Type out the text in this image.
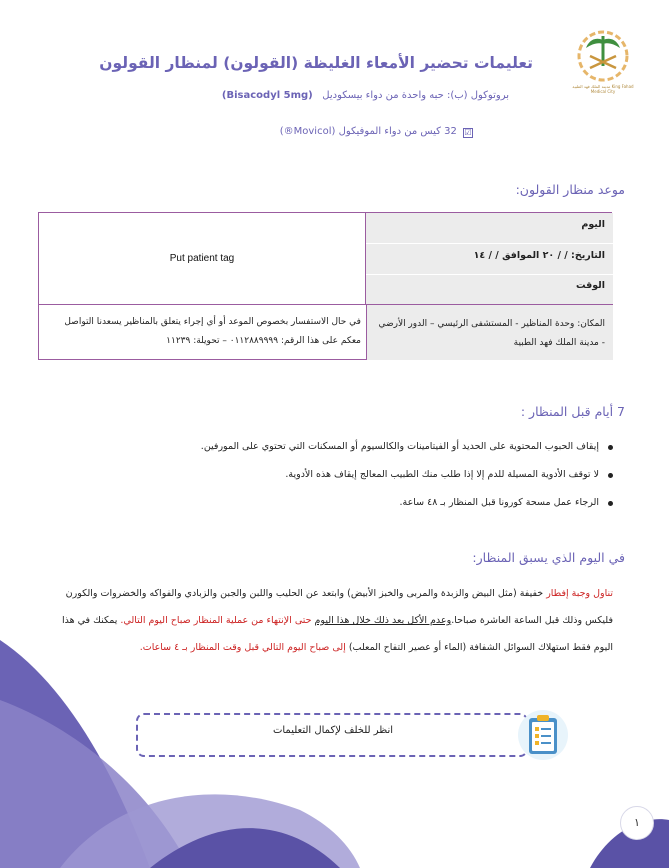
مدينة الملك فهد الطبية King Fahad Medical City
تعليمات تحضير الأمعاء الغليظة (القولون) لمنظار القولون
بروتوكول (ب): حبه واحدة من دواء بيسكوديل   (Bisacodyl 5mg)
☑ 32 كيس من دواء الموفيكول (Movicol®)
موعد منظار القولون:
Put patient tag
اليوم
التاريخ: / / ٢٠ الموافق / / ١٤
الوقت
المكان: وحدة المناظير - المستشفى الرئيسي – الدور الأرضي - مدينة الملك فهد الطبية
في حال الاستفسار بخصوص الموعد أو أي إجراء يتعلق بالمناظير يسعدنا التواصل معكم على هذا الرقم: ٠١١٢٨٨٩٩٩٩ – تحويلة: ١١٢٣٩
7 أيام قبل المنظار :
إيقاف الحبوب المحتوية على الحديد أو الفيتامينات والكالسيوم أو المسكنات التي تحتوي على المورفين.
لا توقف الأدوية المسيلة للدم إلا إذا طلب منك الطبيب المعالج إيقاف هذه الأدوية.
الرجاء عمل مسحة كورونا قبل المنظار بـ ٤٨ ساعة.
في اليوم الذي يسبق المنظار:
تناول وجبة إفطار خفيفة (مثل البيض والزبدة والمربى والخبز الأبيض) وابتعد عن الحليب واللبن والجبن والزبادي والفواكه والخضروات والكورن فليكس وذلك قبل الساعة العاشرة صباحا.وعدم الأكل بعد ذلك خلال هذا اليوم حتى الإنتهاء من عملية المنظار صباح اليوم التالي. يمكنك في هذا اليوم فقط استهلاك السوائل الشفافة (الماء أو عصير التفاح المعلب) إلى صباح اليوم التالي قبل وقت المنظار بـ ٤ ساعات.
انظر للخلف لإكمال التعليمات
١
